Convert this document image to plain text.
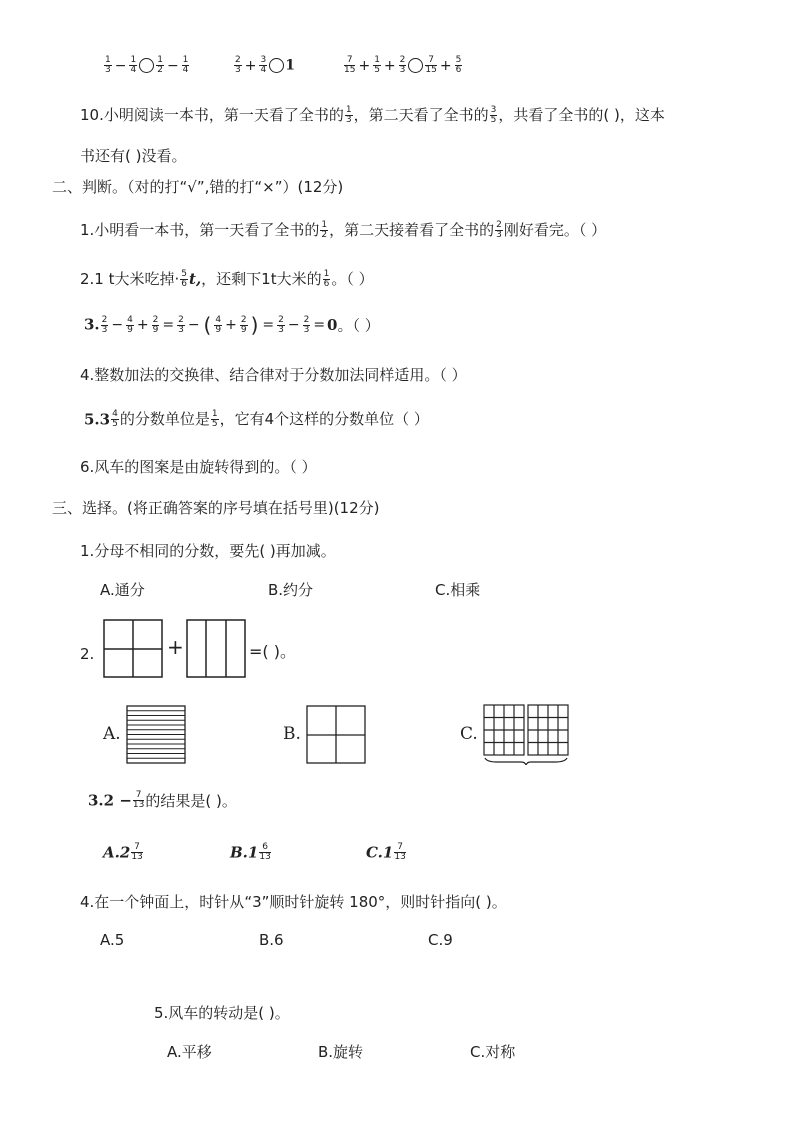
$\frac{1}{3} - \frac{1}{4} \frac{1}{2} - \frac{1}{4}$	$\frac{2}{3} + \frac{3}{4} 1$	$\frac{7}{15} + \frac{1}{5} + \frac{2}{3} \frac{7}{15} + \frac{5}{6}$
10.小明阅读一本书，第一天看了全书的 $\frac{1}{3}$ ，第二天看了全书的 $\frac{3}{5}$ ，共看了全书的( )，这本
书还有( )没看。
二、判断。（对的打“√”,错的打“×”）(12分)
1.小明看一本书，第一天看了全书的 $\frac{1}{2}$ ，第二天接着看了全书的 $\frac{2}{3}$ 刚好看完。（ ）
2.1 t大米吃掉· $\frac{5}{6} t$,，还剩下1t大米的 $\frac{1}{6}$ 。（ ）
3. $\frac{2}{3} - \frac{4}{9} + \frac{2}{9} = \frac{2}{3}$ − ( $\frac{4}{9} + \frac{2}{9}$ ) = $\frac{2}{3} - \frac{2}{3} = 0$。（ ）
4.整数加法的交换律、结合律对于分数加法同样适用。（ ）
$5.3 \frac{4}{5}$ 的分数单位是 $\frac{1}{5}$ ，它有4个这样的分数单位（ ）
6.风车的图案是由旋转得到的。（ ）
三、选择。(将正确答案的序号填在括号里)(12分)
1.分母不相同的分数，要先( )再加减。
A.通分	B.约分	C.相乘
2.	+	=( )。
A.	B.	C.
$3.2 - \frac{7}{13}$ 的结果是( )。
$A.2 \frac{7}{13}$	$B.1 \frac{6}{13}$	$C.1 \frac{7}{13}$
4.在一个钟面上，时针从“3”顺时针旋转 180°，则时针指向( )。
A.5	B.6	C.9
5.风车的转动是( )。
A.平移	B.旋转	C.对称
